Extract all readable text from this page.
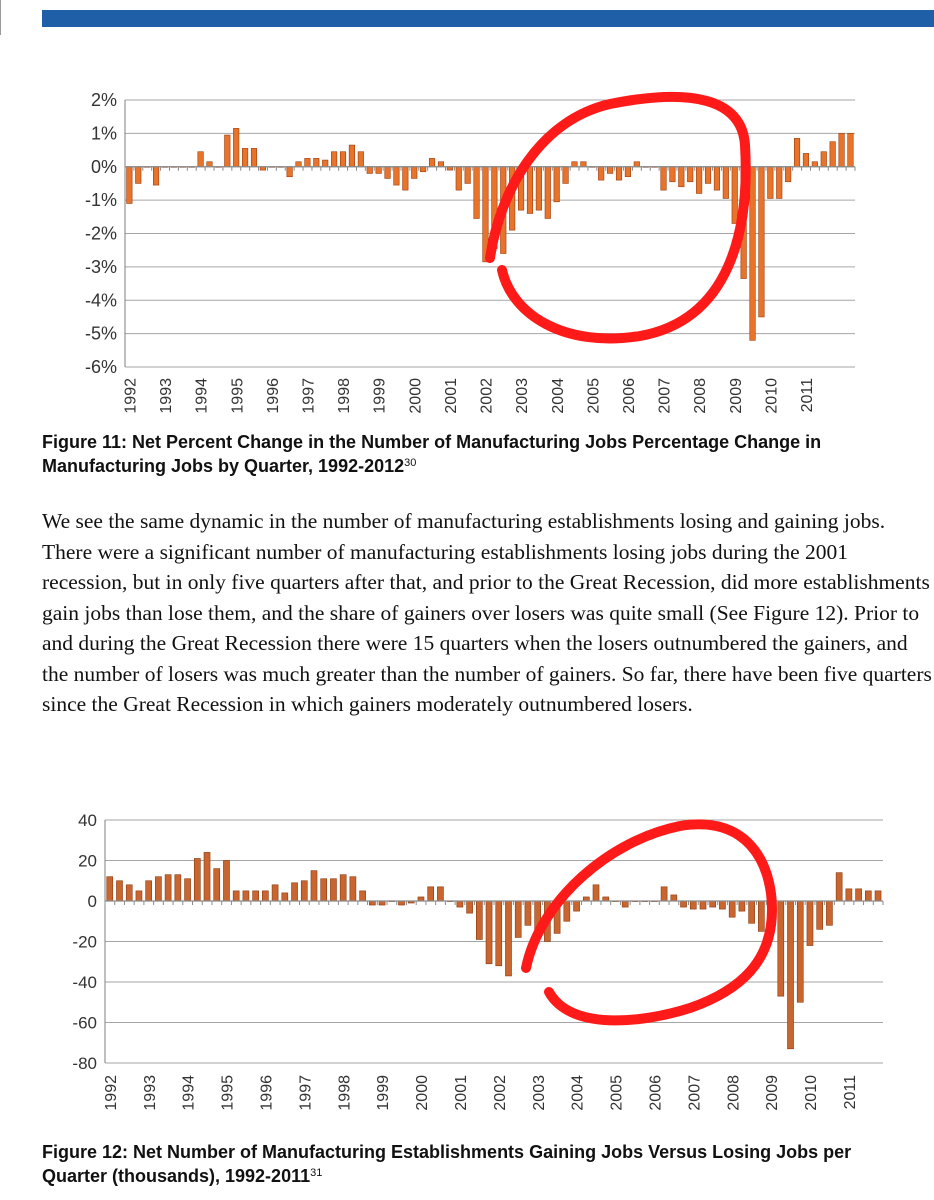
2%
1%
0%
-1%
-2%
-3%
-4%
-5%
-6%
1992 1993 1994 1995 1996 1997 1998 1999 2000 2001 2002 2003 2004 2005 2006 2007 2008 2009 2010 2011
Figure 11: Net Percent Change in the Number of Manufacturing Jobs Percentage Change in Manufacturing Jobs by Quarter, 1992-2012$^{30}$

We see the same dynamic in the number of manufacturing establishments losing and gaining jobs. There were a significant number of manufacturing establishments losing jobs during the 2001 recession, but in only five quarters after that, and prior to the Great Recession, did more establishments gain jobs than lose them, and the share of gainers over losers was quite small (See Figure 12). Prior to and during the Great Recession there were 15 quarters when the losers outnumbered the gainers, and the number of losers was much greater than the number of gainers. So far, there have been five quarters since the Great Recession in which gainers moderately outnumbered losers.

40
20
0
-20
-40
-60
-80
1992 1993 1994 1995 1996 1997 1998 1999 2000 2001 2002 2003 2004 2005 2006 2007 2008 2009 2010 2011
Figure 12: Net Number of Manufacturing Establishments Gaining Jobs Versus Losing Jobs per Quarter (thousands), 1992-2011$^{31}$
